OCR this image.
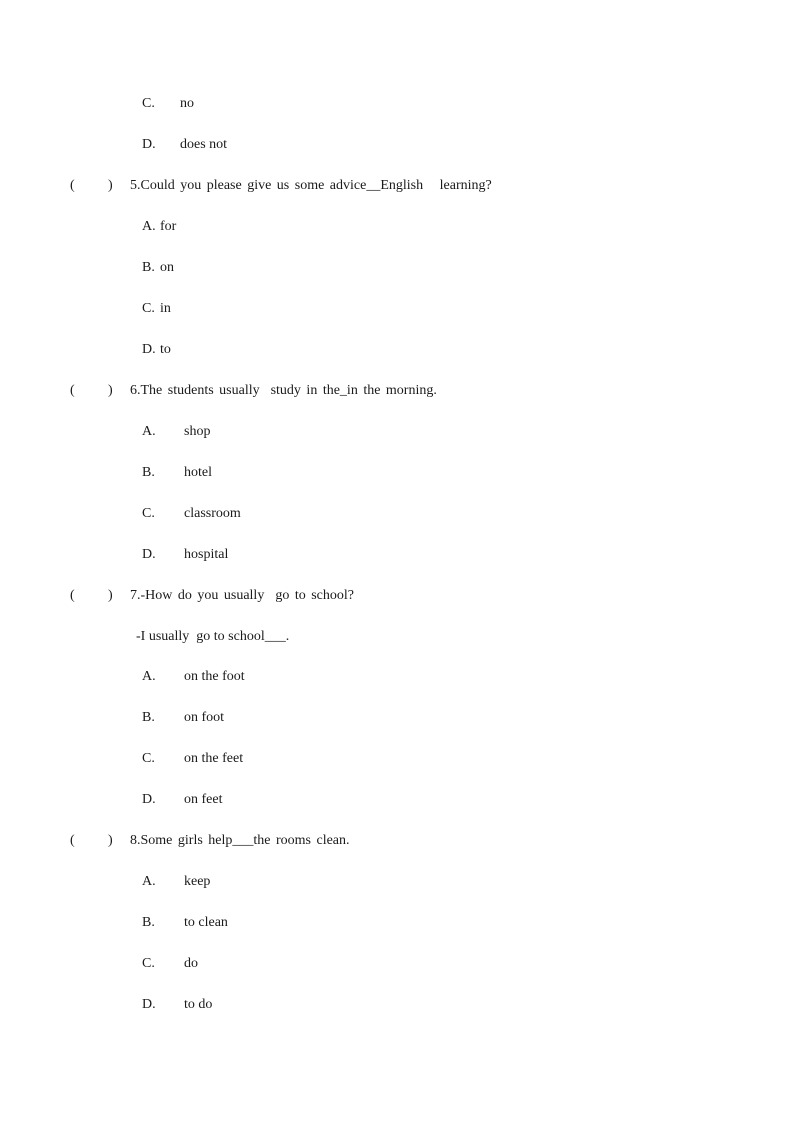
C. no
D. does not
( ) 5.Could you please give us some advice__English   learning?
A. for
B. on
C. in
D. to
( ) 6.The students usually  study in the_in the morning.
A. shop
B. hotel
C. classroom
D. hospital
( ) 7.-How do you usually  go to school?
-I usually  go to school___.
A. on the foot
B. on foot
C. on the feet
D. on feet
( ) 8.Some girls help___the rooms clean.
A. keep
B. to clean
C. do
D. to do
